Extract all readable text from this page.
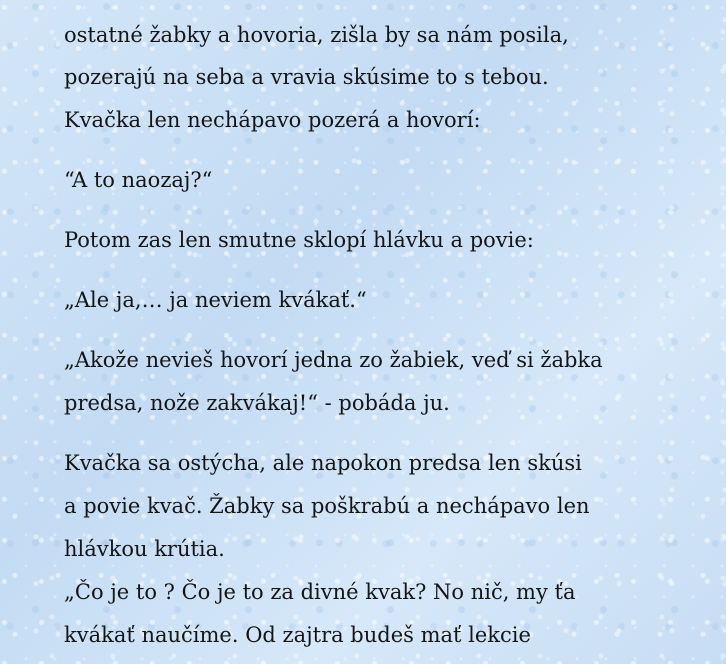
ostatné žabky a hovoria, zišla by sa nám posila,
pozerajú na seba a vravia skúsime to s tebou.
Kvačka len nechápavo pozerá a hovorí:
“A to naozaj?“
Potom zas len smutne sklopí hlávku a povie:
„Ale ja,… ja neviem kvákať.“
„Akože nevieš hovorí jedna zo žabiek, veď si žabka
predsa, nože zakvákaj!“ - pobáda ju.
Kvačka sa ostýcha, ale napokon predsa len skúsi
a povie kvač. Žabky sa poškrabú a nechápavo len
hlávkou krútia.
„Čo je to ? Čo je to za divné kvak? No nič, my ťa
kvákať naučíme. Od zajtra budeš mať lekcie
